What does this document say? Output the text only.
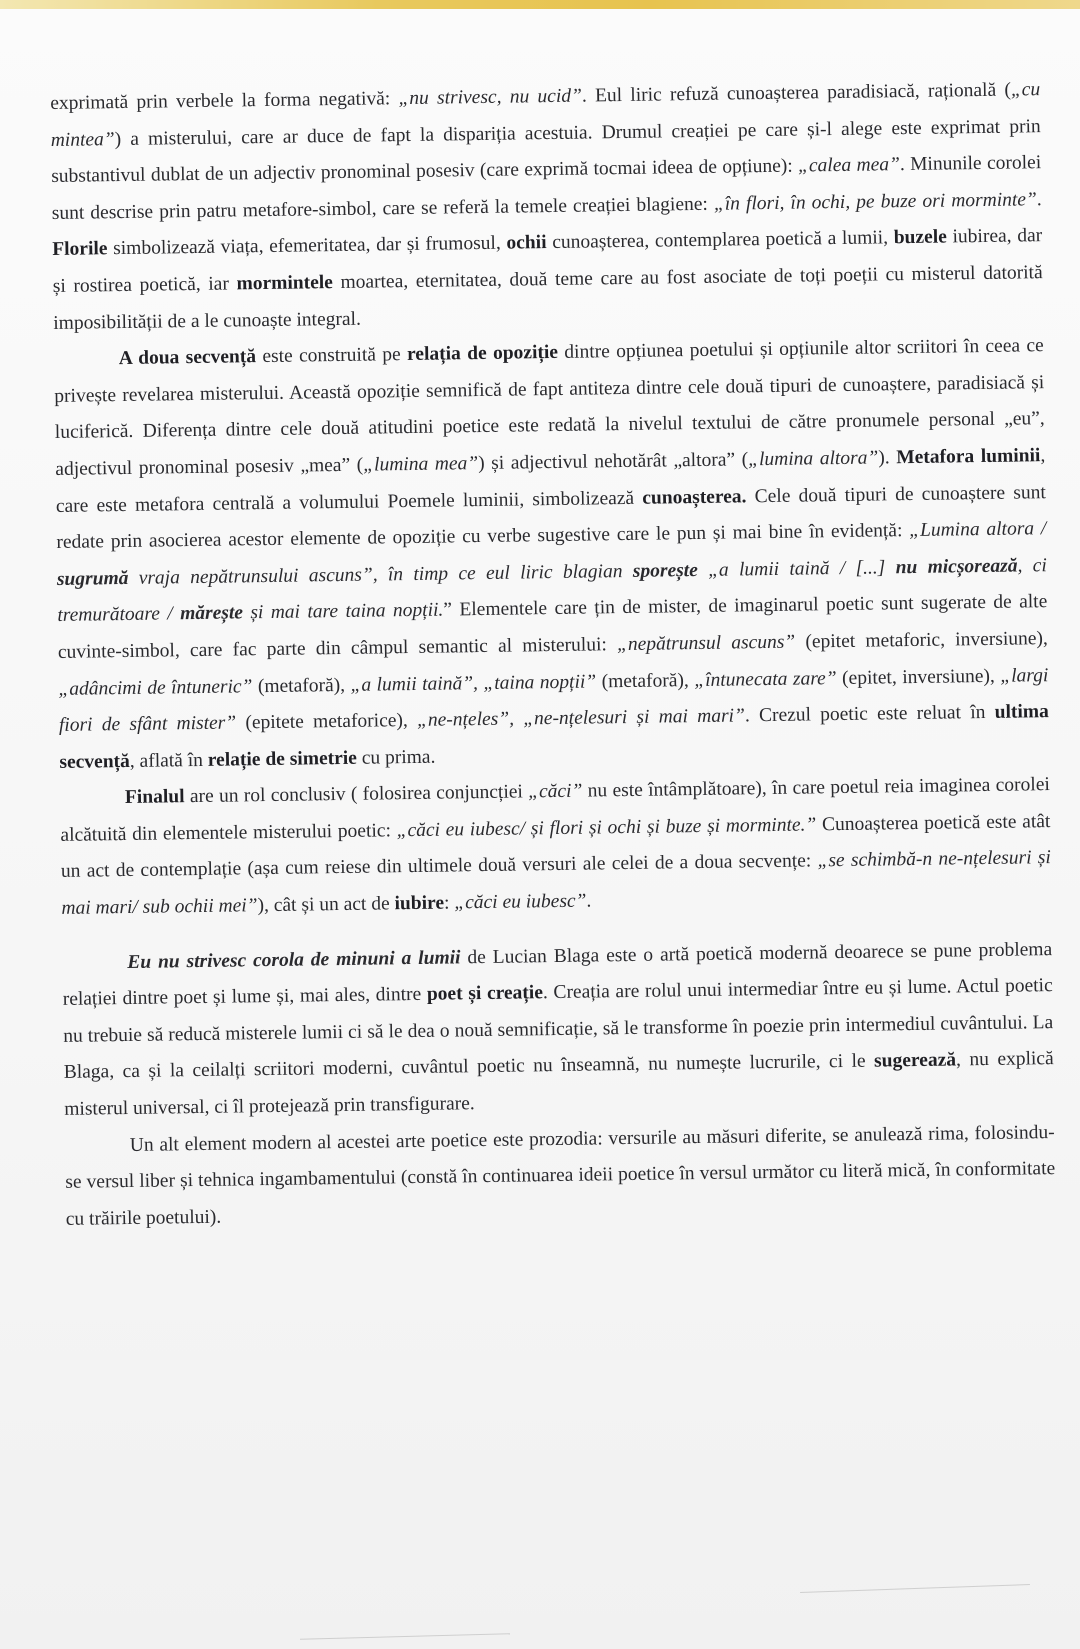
exprimată prin verbele la forma negativă: „nu strivesc, nu ucid”. Eul liric refuză cunoașterea paradisiacă, rațională („cu mintea”) a misterului, care ar duce de fapt la dispariția acestuia. Drumul creației pe care și-l alege este exprimat prin substantivul dublat de un adjectiv pronominal posesiv (care exprimă tocmai ideea de opțiune): „calea mea”. Minunile corolei sunt descrise prin patru metafore-simbol, care se referă la temele creației blagiene: „în flori, în ochi, pe buze ori morminte”. Florile simbolizează viața, efemeritatea, dar și frumosul, ochii cunoașterea, contemplarea poetică a lumii, buzele iubirea, dar și rostirea poetică, iar mormintele moartea, eternitatea, două teme care au fost asociate de toți poeții cu misterul datorită imposibilității de a le cunoaște integral.

A doua secvență este construită pe relația de opoziție dintre opțiunea poetului și opțiunile altor scriitori în ceea ce privește revelarea misterului. Această opoziție semnifică de fapt antiteza dintre cele două tipuri de cunoaștere, paradisiacă și luciferică. Diferența dintre cele două atitudini poetice este redată la nivelul textului de către pronumele personal „eu”, adjectivul pronominal posesiv „mea” („lumina mea”) și adjectivul nehotărât „altora” („lumina altora”). Metafora luminii, care este metafora centrală a volumului Poemele luminii, simbolizează cunoașterea. Cele două tipuri de cunoaștere sunt redate prin asocierea acestor elemente de opoziție cu verbe sugestive care le pun și mai bine în evidență: „Lumina altora / sugrumă vraja nepătrunsului ascuns”, în timp ce eul liric blagian sporește „a lumii taină / [...] nu micșorează, ci tremurătoare / mărește și mai tare taina nopții.” Elementele care țin de mister, de imaginarul poetic sunt sugerate de alte cuvinte-simbol, care fac parte din câmpul semantic al misterului: „nepătrunsul ascuns” (epitet metaforic, inversiune), „adâncimi de întuneric” (metaforă), „a lumii taină”, „taina nopții” (metaforă), „întunecata zare” (epitet, inversiune), „largi fiori de sfânt mister” (epitete metaforice), „ne-nțeles”, „ne-nțelesuri și mai mari”. Crezul poetic este reluat în ultima secvență, aflată în relație de simetrie cu prima.

Finalul are un rol conclusiv ( folosirea conjuncției „căci” nu este întâmplătoare), în care poetul reia imaginea corolei alcătuită din elementele misterului poetic: „căci eu iubesc/ și flori și ochi și buze și morminte.” Cunoașterea poetică este atât un act de contemplație (așa cum reiese din ultimele două versuri ale celei de a doua secvențe: „se schimbă-n ne-nțelesuri și mai mari/ sub ochii mei”), cât și un act de iubire: „căci eu iubesc”.

Eu nu strivesc corola de minuni a lumii de Lucian Blaga este o artă poetică modernă deoarece se pune problema relației dintre poet și lume și, mai ales, dintre poet și creație. Creația are rolul unui intermediar între eu și lume. Actul poetic nu trebuie să reducă misterele lumii ci să le dea o nouă semnificație, să le transforme în poezie prin intermediul cuvântului. La Blaga, ca și la ceilalți scriitori moderni, cuvântul poetic nu înseamnă, nu numește lucrurile, ci le sugerează, nu explică misterul universal, ci îl protejează prin transfigurare.

Un alt element modern al acestei arte poetice este prozodia: versurile au măsuri diferite, se anulează rima, folosindu-se versul liber și tehnica ingambamentului (constă în continuarea ideii poetice în versul următor cu literă mică, în conformitate cu trăirile poetului).
